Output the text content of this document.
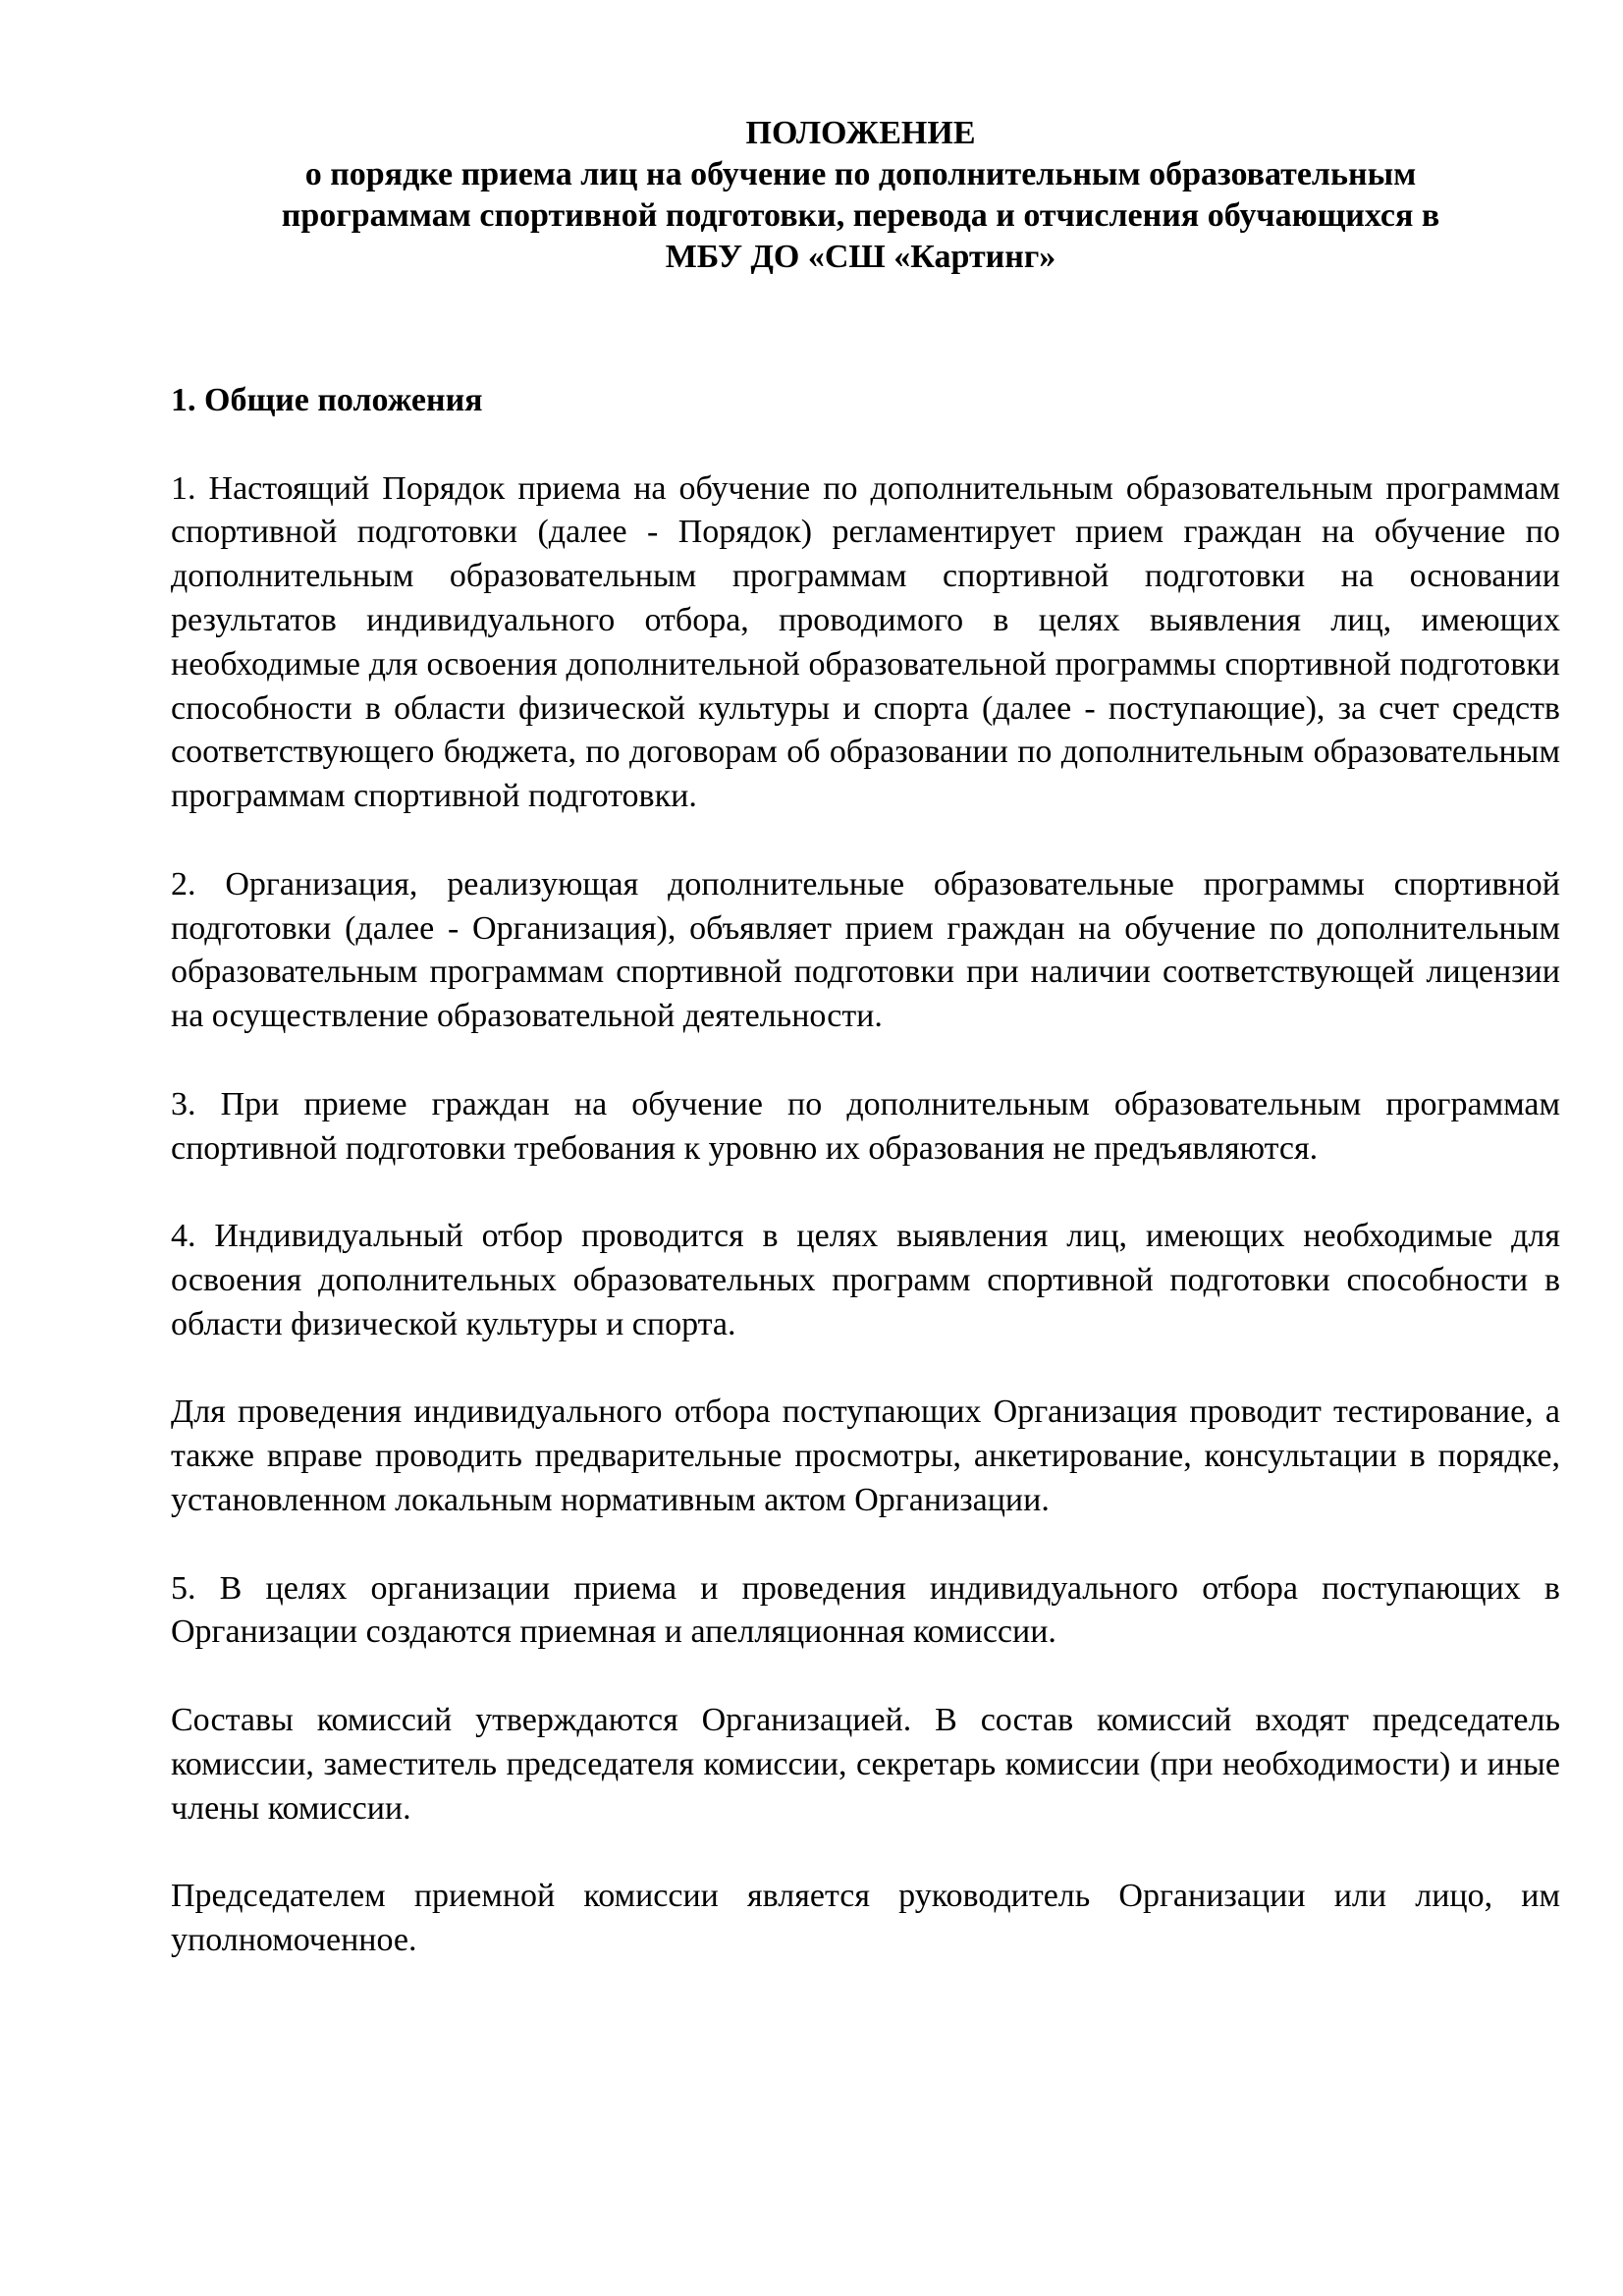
ПОЛОЖЕНИЕ
о порядке приема лиц на обучение по дополнительным образовательным
программам спортивной подготовки, перевода и отчисления обучающихся в
МБУ ДО «СШ «Картинг»

1. Общие положения

1. Настоящий Порядок приема на обучение по дополнительным образовательным программам спортивной подготовки (далее - Порядок) регламентирует прием граждан на обучение по дополнительным образовательным программам спортивной подготовки на основании результатов индивидуального отбора, проводимого в целях выявления лиц, имеющих необходимые для освоения дополнительной образовательной программы спортивной подготовки способности в области физической культуры и спорта (далее - поступающие), за счет средств соответствующего бюджета, по договорам об образовании по дополнительным образовательным программам спортивной подготовки.

2. Организация, реализующая дополнительные образовательные программы спортивной подготовки (далее - Организация), объявляет прием граждан на обучение по дополнительным образовательным программам спортивной подготовки при наличии соответствующей лицензии на осуществление образовательной деятельности.

3. При приеме граждан на обучение по дополнительным образовательным программам спортивной подготовки требования к уровню их образования не предъявляются.

4. Индивидуальный отбор проводится в целях выявления лиц, имеющих необходимые для освоения дополнительных образовательных программ спортивной подготовки способности в области физической культуры и спорта.

Для проведения индивидуального отбора поступающих Организация проводит тестирование, а также вправе проводить предварительные просмотры, анкетирование, консультации в порядке, установленном локальным нормативным актом Организации.

5. В целях организации приема и проведения индивидуального отбора поступающих в Организации создаются приемная и апелляционная комиссии.

Составы комиссий утверждаются Организацией. В состав комиссий входят председатель комиссии, заместитель председателя комиссии, секретарь комиссии (при необходимости) и иные члены комиссии.

Председателем приемной комиссии является руководитель Организации или лицо, им уполномоченное.
